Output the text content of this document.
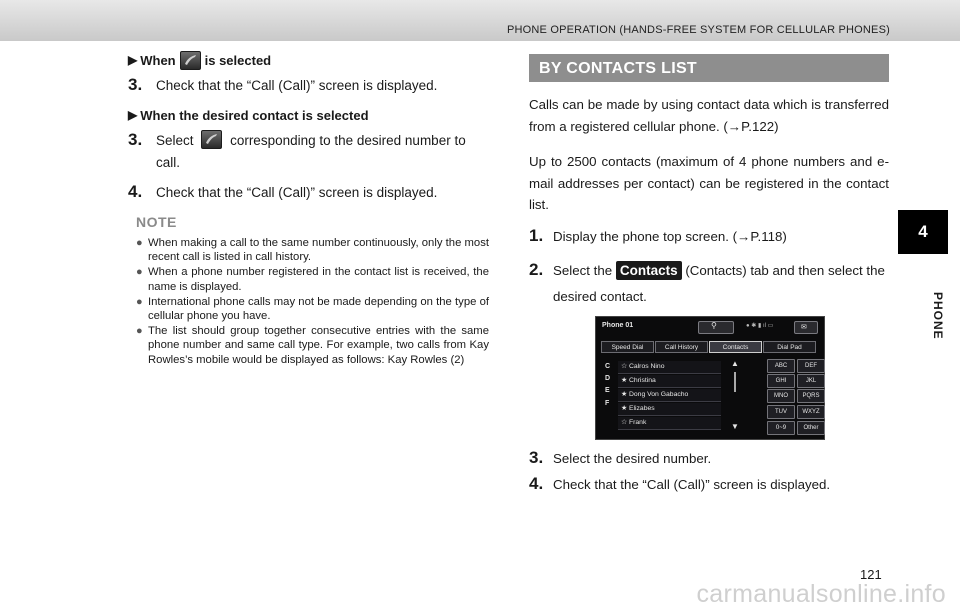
PHONE OPERATION (HANDS-FREE SYSTEM FOR CELLULAR PHONES)
4
PHONE
▶ When is selected
3.	Check that the “Call (Call)” screen is displayed.
▶ When the desired contact is selected
3.	Select	corresponding to the desired number to call.
4.	Check that the “Call (Call)” screen is displayed.
NOTE
● When making a call to the same number continuously, only the most recent call is listed in call history.
● When a phone number registered in the contact list is received, the name is displayed.
● International phone calls may not be made depending on the type of cellular phone you have.
● The list should group together consecutive entries with the same phone number and same call type. For example, two calls from Kay Rowles’s mobile would be displayed as follows: Kay Rowles (2)
BY CONTACTS LIST

Calls can be made by using contact data which is transferred from a registered cellular phone. (→P.122)

Up to 2500 contacts (maximum of 4 phone numbers and e-mail addresses per contact) can be registered in the contact list.

1. Display the phone top screen. (→P.118)
2. Select the Contacts (Contacts) tab and then select the desired contact.
Phone 01	⚲	● ✱ ▮ ıl ▭	✉
Speed Dial	Call History	Contacts	Dial Pad
C
D
E
F
☆ Calros Nino
★ Christina
★ Dong Von Gabacho
★ Elizabes
☆ Frank
▲
▼
ABC	DEF
GHI	JKL
MNO	PQRS
TUV	WXYZ
0~9	Other
3. Select the desired number.
4. Check that the “Call (Call)” screen is displayed.
121
carmanualsonline.info
